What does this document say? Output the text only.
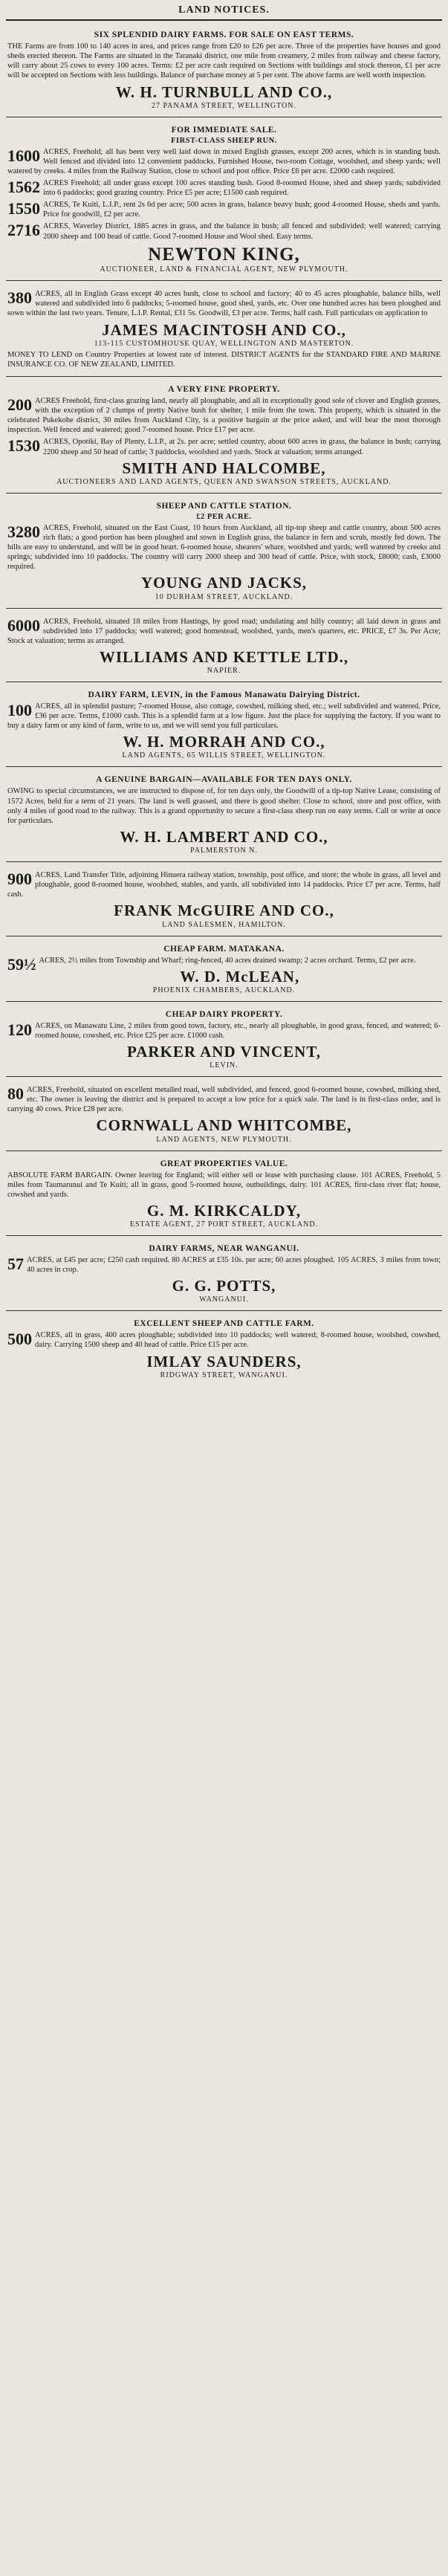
LAND NOTICES.
SIX SPLENDID DAIRY FARMS. FOR SALE ON EAST TERMS.
THE Farms are from 100 to 140 acres in area, and prices range from £20 to £26 per acre. Three of the properties have houses and good sheds erected thereon. The Farms are situated in the Taranaki district, one mile from creamery, 2 miles from railway and cheese factory, will carry about 25 cows to every 100 acres. Terms: £2 per acre cash required on Sections with buildings and stock thereon, £1 per acre will be accepted on Sections with less buildings. Balance of purchase money at 5 per cent. The above farms are well worth inspection.
W. H. TURNBULL AND CO.,
27 PANAMA STREET, WELLINGTON.
FOR IMMEDIATE SALE.
FIRST-CLASS SHEEP RUN.
1600 ACRES, Freehold; all has been very well laid down in mixed English grasses, except 200 acres, which is in standing bush. Well fenced and divided into 12 convenient paddocks. Furnished House, two-room Cottage, woolshed, and sheep yards; well watered by creeks. 4 miles from the Railway Station, close to school and post office. Price £6 per acre. £2000 cash required.
1562 ACRES Freehold; all under grass except 100 acres standing bush. Good 8-roomed House, shed and sheep yards; subdivided into 6 paddocks; good grazing country. Price £5 per acre; £1500 cash required.
1550 ACRES, Te Kuiti, L.I.P., rent 2s 6d per acre; 500 acres in grass, balance heavy bush; good 4-roomed House, sheds and yards. Price for goodwill, £2 per acre.
2716 ACRES, Waverley District, 1885 acres in grass, and the balance in bush; all fenced and subdivided; well watered; carrying 2000 sheep and 100 head of cattle. Good 7-roomed House and Wool shed. Easy terms.
NEWTON KING,
AUCTIONEER, LAND & FINANCIAL AGENT, NEW PLYMOUTH.
380 ACRES, all in English Grass except 40 acres bush, close to school and factory; 40 to 45 acres ploughable, balance hills, well watered and subdivided into 6 paddocks; 5-roomed house, good shed, yards, etc. Over one hundred acres has been ploughed and sown within the last two years. Tenure, L.I.P. Rental, £31 5s. Goodwill, £3 per acre. Terms, half cash. Full particulars on application to
JAMES MACINTOSH AND CO.,
113-115 CUSTOMHOUSE QUAY, WELLINGTON AND MASTERTON.
MONEY TO LEND on Country Properties at lowest rate of interest. DISTRICT AGENTS for the STANDARD FIRE AND MARINE INSURANCE CO. OF NEW ZEALAND, LIMITED.
A VERY FINE PROPERTY.
200 ACRES Freehold, first-class grazing land, nearly all ploughable, and all in exceptionally good sole of clover and English grasses, with the exception of 2 clumps of pretty Native bush for shelter, 1 mile from the town. This property, which is situated in the celebrated Pukekohe district, 30 miles from Auckland City, is a positive bargain at the price asked, and will bear the most thorough inspection. Well fenced and watered; good 7-roomed house. Price £17 per acre.
1530 ACRES, Opotiki, Bay of Plenty, L.I.P., at 2s. per acre; settled country, about 600 acres in grass, the balance in bush; carrying 2200 sheep and 50 head of cattle; 3 paddocks, woolshed and yards. Stock at valuation; terms arranged.
SMITH AND HALCOMBE,
AUCTIONEERS AND LAND AGENTS, QUEEN AND SWANSON STREETS, AUCKLAND.
SHEEP AND CATTLE STATION.
£2 PER ACRE.
3280 ACRES, Freehold, situated on the East Coast, 10 hours from Auckland, all tip-top sheep and cattle country, about 500 acres rich flats; a good portion has been ploughed and sown in English grass, the balance in fern and scrub, mostly fed down. The hills are easy to understand, and will be in good heart. 6-roomed house, shearers' whare, woolshed and yards; well watered by creeks and springs; subdivided into 10 paddocks. The country will carry 2000 sheep and 300 head of cattle. Price, with stock, £8000; cash, £3000 required.
YOUNG AND JACKS,
10 DURHAM STREET, AUCKLAND.
6000 ACRES, Freehold, situated 18 miles from Hastings, by good road; undulating and hilly country; all laid down in grass and subdivided into 17 paddocks; well watered; good homestead, woolshed, yards, men's quarters, etc. PRICE, £7 3s. Per Acre; Stock at valuation; terms as arranged.
WILLIAMS AND KETTLE LTD.,
NAPIER.
DAIRY FARM, LEVIN, in the Famous Manawatu Dairying District.
100 ACRES, all in splendid pasture; 7-roomed House, also cottage, cowshed, milking shed, etc.; well subdivided and watered. Price, £36 per acre. Terms, £1000 cash. This is a splendid farm at a low figure. Just the place for supplying the factory. If you want to buy a dairy farm or any kind of farm, write to us, and we will send you full particulars.
W. H. MORRAH AND CO.,
LAND AGENTS, 65 WILLIS STREET, WELLINGTON.
A GENUINE BARGAIN—AVAILABLE FOR TEN DAYS ONLY.
OWING to special circumstances, we are instructed to dispose of, for ten days only, the Goodwill of a tip-top Native Lease, consisting of 1572 Acres, held for a term of 21 years. The land is well grassed, and there is good shelter. Close to school, store and post office, with only 4 miles of good road to the railway. This is a grand opportunity to secure a first-class sheep run on easy terms. Call or write at once for particulars.
W. H. LAMBERT AND CO.,
PALMERSTON N.
900 ACRES, Land Transfer Title, adjoining Hinuera railway station, township, post office, and store; the whole in grass, all level and ploughable, good 8-roomed house, woolshed, stables, and yards, all subdivided into 14 paddocks. Price £7 per acre. Terms, half cash.
FRANK McGUIRE AND CO.,
LAND SALESMEN, HAMILTON.
CHEAP FARM. MATAKANA.
59½ ACRES, 2½ miles from Township and Wharf; ring-fenced, 40 acres drained swamp; 2 acres orchard. Terms, £2 per acre.
W. D. McLEAN,
PHOENIX CHAMBERS, AUCKLAND.
CHEAP DAIRY PROPERTY.
120 ACRES, on Manawatu Line, 2 miles from good town, factory, etc., nearly all ploughable, in good grass, fenced, and watered; 6-roomed house, cowshed, etc. Price £25 per acre. £1000 cash.
PARKER AND VINCENT,
LEVIN.
80 ACRES, Freehold, situated on excellent metalled road, well subdivided, and fenced, good 6-roomed house, cowshed, milking shed, etc. The owner is leaving the district and is prepared to accept a low price for a quick sale. The land is in first-class order, and is carrying 40 cows. Price £28 per acre.
CORNWALL AND WHITCOMBE,
LAND AGENTS, NEW PLYMOUTH.
GREAT PROPERTIES VALUE.
ABSOLUTE FARM BARGAIN. Owner leaving for England; will either sell or lease with purchasing clause. 101 ACRES, Freehold, 5 miles from Taumarunui and Te Kuiti; all in grass, good 5-roomed house, outbuildings, dairy. 101 ACRES, first-class river flat; house, cowshed and yards.
G. M. KIRKCALDY,
ESTATE AGENT, 27 PORT STREET, AUCKLAND.
DAIRY FARMS, NEAR WANGANUI.
57 ACRES, at £45 per acre; £250 cash required. 80 ACRES at £35 10s. per acre; 60 acres ploughed. 105 ACRES, 3 miles from town; 40 acres in crop.
G. G. POTTS,
WANGANUI.
EXCELLENT SHEEP AND CATTLE FARM.
500 ACRES, all in grass, 400 acres ploughable; subdivided into 10 paddocks; well watered; 8-roomed house, woolshed, cowshed, dairy. Carrying 1500 sheep and 40 head of cattle. Price £15 per acre.
IMLAY SAUNDERS,
RIDGWAY STREET, WANGANUI.
